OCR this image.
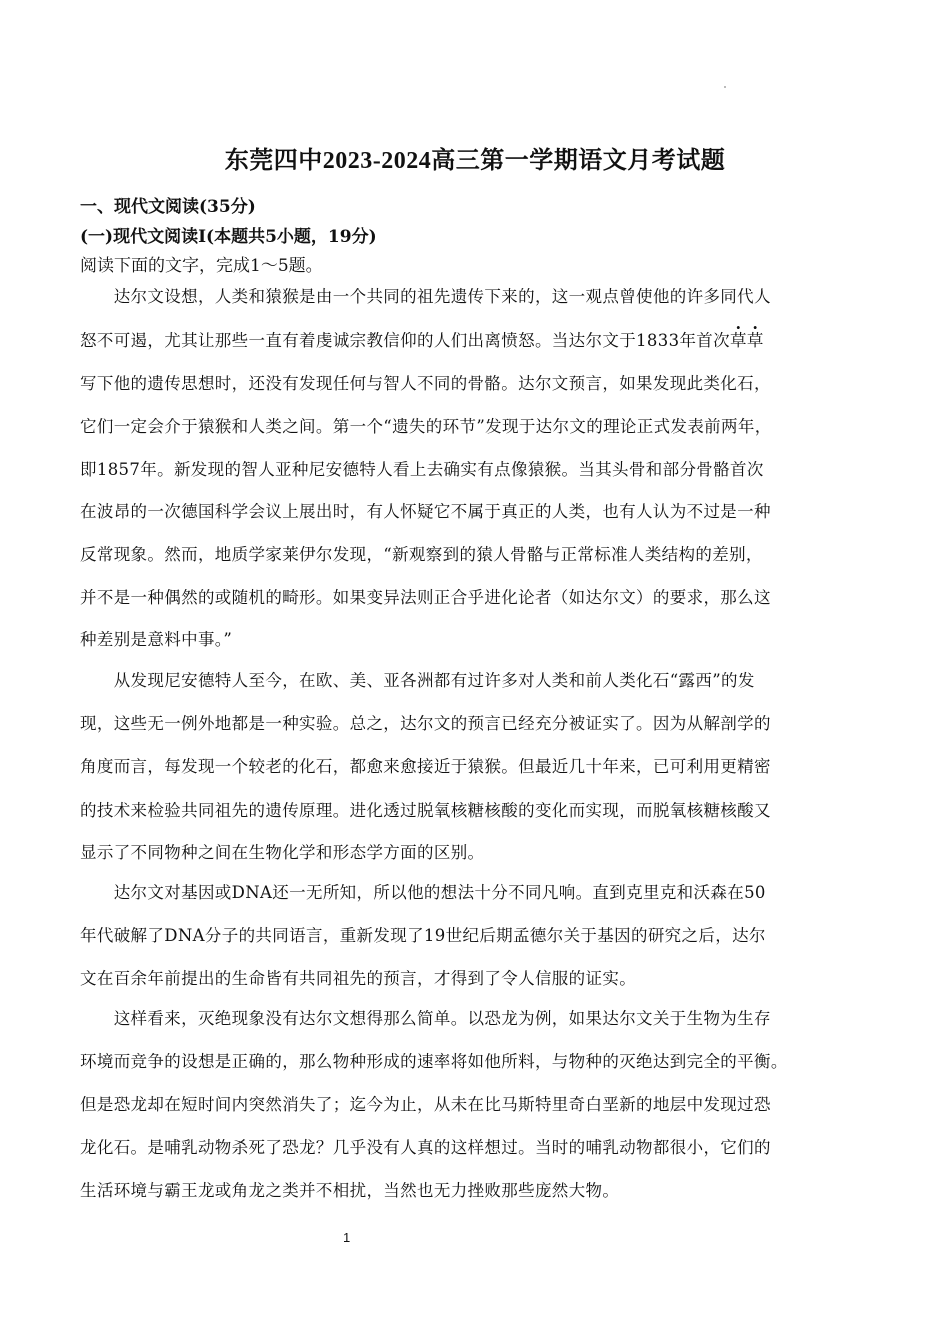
东莞四中2023-2024高三第一学期语文月考试题
一、现代文阅读(35分)
(一)现代文阅读Ⅰ(本题共5小题，19分)
阅读下面的文字，完成1～5题。
　　达尔文设想，人类和猿猴是由一个共同的祖先遗传下来的，这一观点曾使他的许多同代人
怒不可遏，尤其让那些一直有着虔诚宗教信仰的人们出离愤怒。当达尔文于1833年首次草草
写下他的遗传思想时，还没有发现任何与智人不同的骨骼。达尔文预言，如果发现此类化石，
它们一定会介于猿猴和人类之间。第一个“遗失的环节”发现于达尔文的理论正式发表前两年，
即1857年。新发现的智人亚种尼安德特人看上去确实有点像猿猴。当其头骨和部分骨骼首次
在波昂的一次德国科学会议上展出时，有人怀疑它不属于真正的人类，也有人认为不过是一种
反常现象。然而，地质学家莱伊尔发现，“新观察到的猿人骨骼与正常标准人类结构的差别，
并不是一种偶然的或随机的畸形。如果变异法则正合乎进化论者（如达尔文）的要求，那么这
种差别是意料中事。”
　　从发现尼安德特人至今，在欧、美、亚各洲都有过许多对人类和前人类化石“露西”的发
现，这些无一例外地都是一种实验。总之，达尔文的预言已经充分被证实了。因为从解剖学的
角度而言，每发现一个较老的化石，都愈来愈接近于猿猴。但最近几十年来，已可利用更精密
的技术来检验共同祖先的遗传原理。进化透过脱氧核糖核酸的变化而实现，而脱氧核糖核酸又
显示了不同物种之间在生物化学和形态学方面的区别。
　　达尔文对基因或DNA还一无所知，所以他的想法十分不同凡响。直到克里克和沃森在50
年代破解了DNA分子的共同语言，重新发现了19世纪后期孟德尔关于基因的研究之后，达尔
文在百余年前提出的生命皆有共同祖先的预言，才得到了令人信服的证实。
　　这样看来，灭绝现象没有达尔文想得那么简单。以恐龙为例，如果达尔文关于生物为生存
环境而竞争的设想是正确的，那么物种形成的速率将如他所料，与物种的灭绝达到完全的平衡。
但是恐龙却在短时间内突然消失了；迄今为止，从未在比马斯特里奇白垩新的地层中发现过恐
龙化石。是哺乳动物杀死了恐龙？几乎没有人真的这样想过。当时的哺乳动物都很小，它们的
生活环境与霸王龙或角龙之类并不相扰，当然也无力挫败那些庞然大物。
1
